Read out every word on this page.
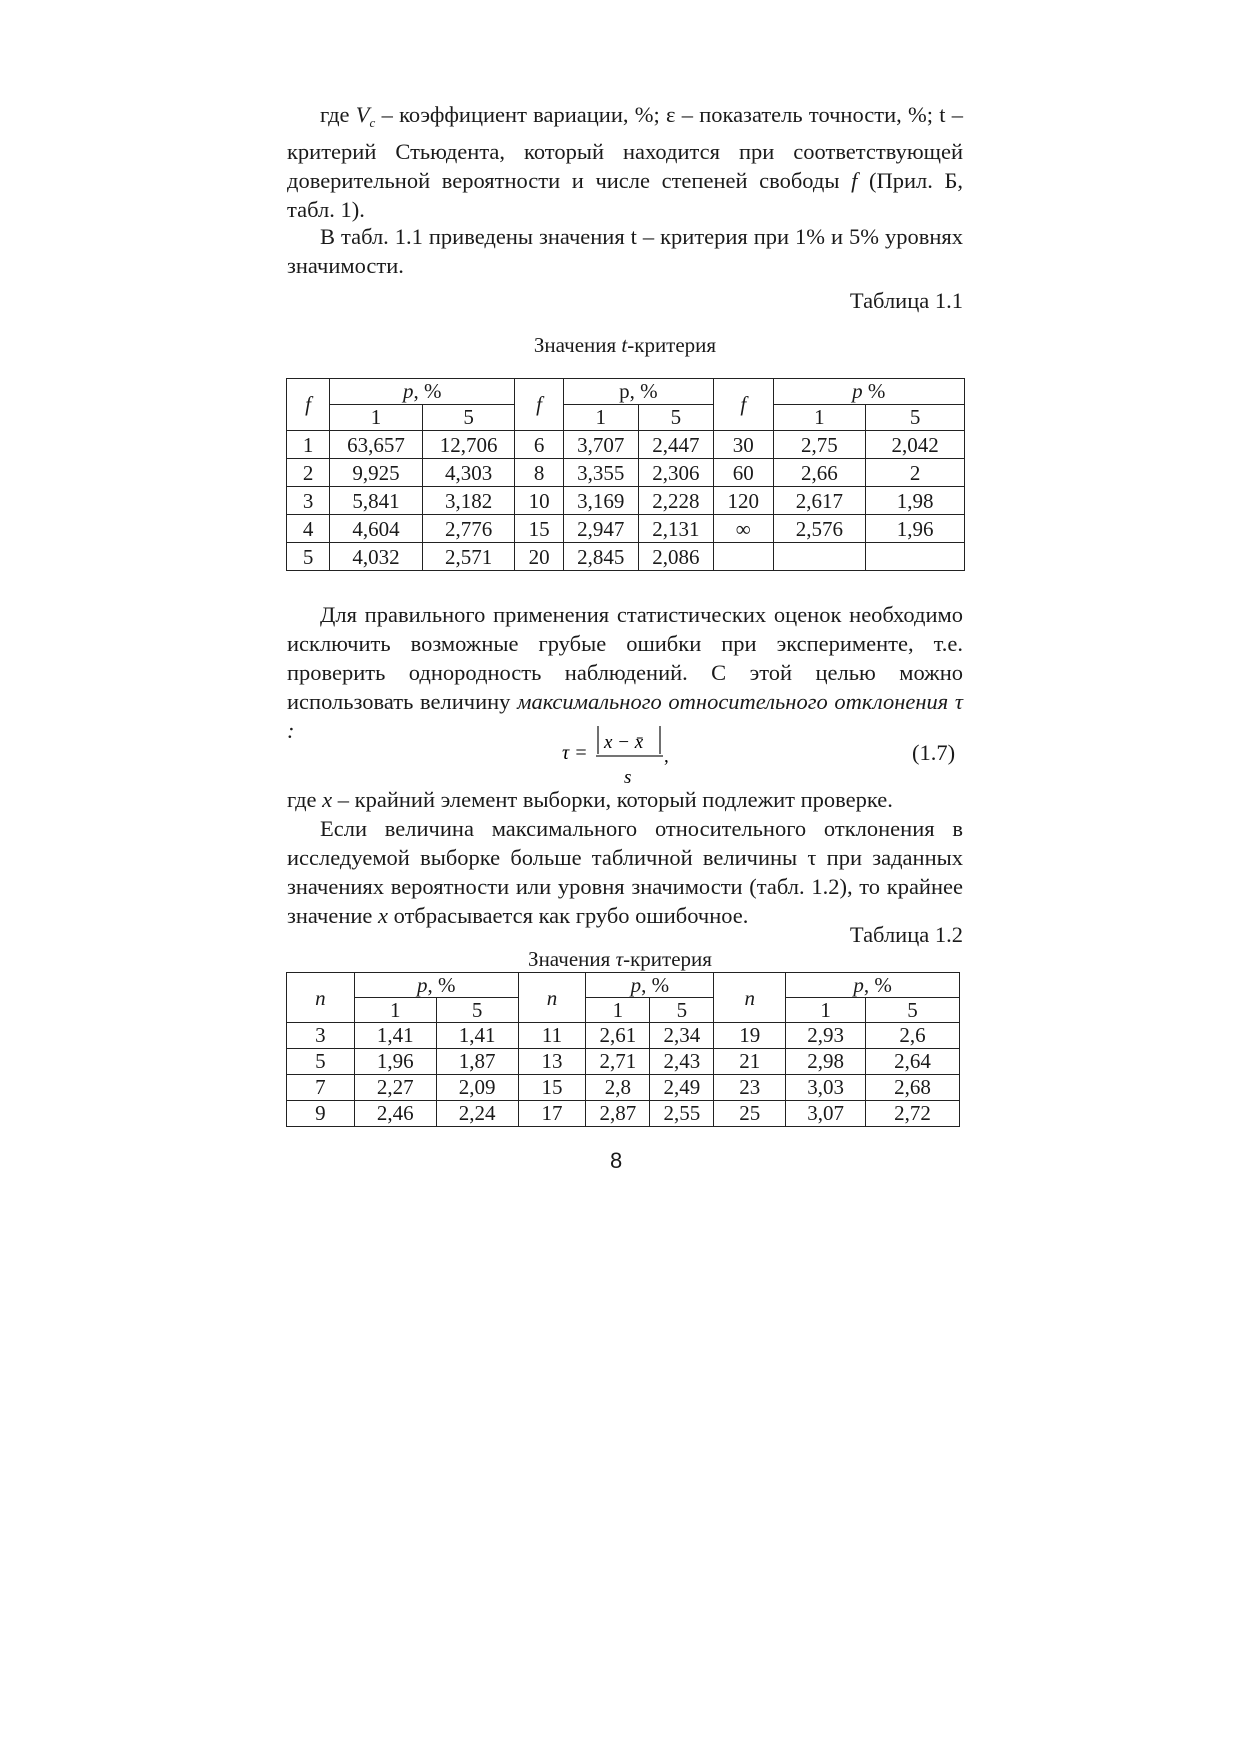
где $V_c$ – коэффициент вариации, %; ε – показатель точности, %; t – критерий Стьюдента, который находится при соответствующей доверительной вероятности и числе степеней свободы f (Прил. Б, табл. 1).

В табл. 1.1 приведены значения t – критерия при 1% и 5% уровнях значимости.

Таблица 1.1
Значения t-критерия
f	p, %		f	р, %		f	p %	
	1	5		1	5		1	5
1	63,657	12,706	6	3,707	2,447	30	2,75	2,042
2	9,925	4,303	8	3,355	2,306	60	2,66	2
3	5,841	3,182	10	3,169	2,228	120	2,617	1,98
4	4,604	2,776	15	2,947	2,131	∞	2,576	1,96
5	4,032	2,571	20	2,845	2,086			

Для правильного применения статистических оценок необходимо исключить возможные грубые ошибки при эксперименте, т.е. проверить однородность наблюдений. С этой целью можно использовать величину максимального относительного отклонения τ :

τ = x − x̄
s
,	(1.7)

где x – крайний элемент выборки, который подлежит проверке.

Если величина максимального относительного отклонения в исследуемой выборке больше табличной величины τ при заданных значениях вероятности или уровня значимости (табл. 1.2), то крайнее значение x отбрасывается как грубо ошибочное.

Таблица 1.2
Значения τ-критерия
n	p, %		n	p, %		n	p, %	
	1	5		1	5		1	5
3	1,41	1,41	11	2,61	2,34	19	2,93	2,6
5	1,96	1,87	13	2,71	2,43	21	2,98	2,64
7	2,27	2,09	15	2,8	2,49	23	3,03	2,68
9	2,46	2,24	17	2,87	2,55	25	3,07	2,72
8
